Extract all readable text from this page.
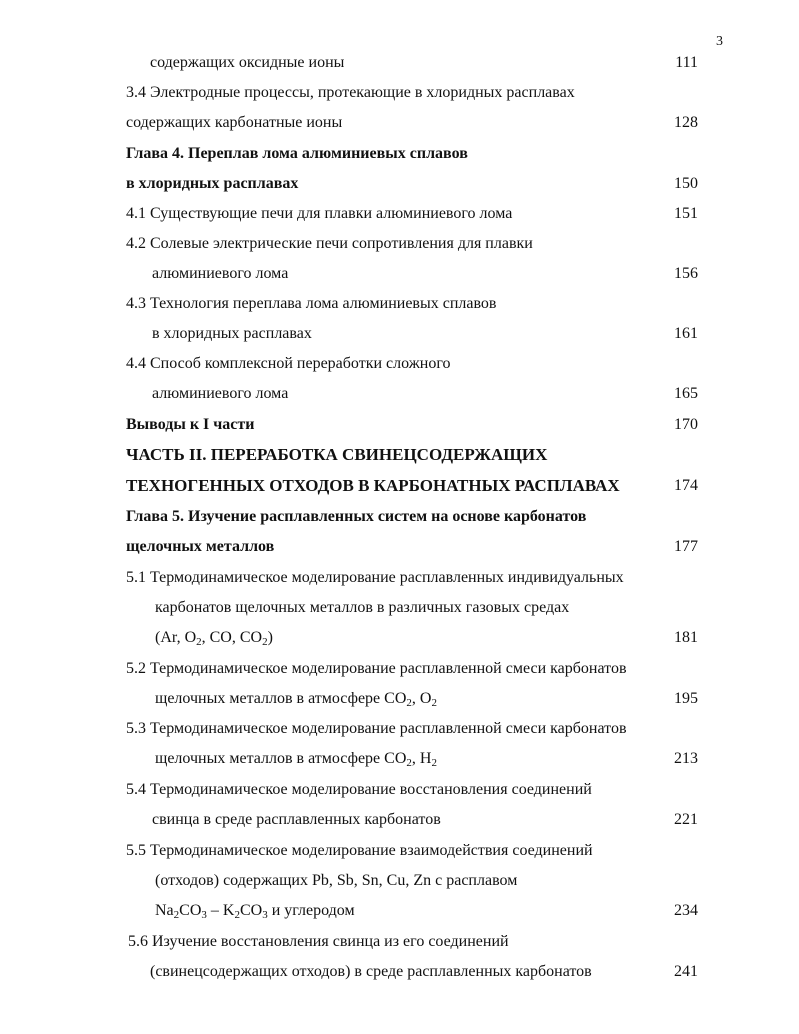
3
содержащих оксидные ионы	111
3.4 Электродные процессы, протекающие в хлоридных расплавах
содержащих карбонатные ионы	128
Глава 4. Переплав лома алюминиевых сплавов
в хлоридных расплавах	150
4.1 Существующие печи для плавки алюминиевого лома	151
4.2 Солевые электрические печи сопротивления для плавки
алюминиевого лома	156
4.3 Технология переплава лома алюминиевых сплавов
в хлоридных расплавах	161
4.4 Способ комплексной переработки сложного
алюминиевого лома	165
Выводы к I части	170
ЧАСТЬ II. ПЕРЕРАБОТКА СВИНЕЦСОДЕРЖАЩИХ
ТЕХНОГЕННЫХ ОТХОДОВ В КАРБОНАТНЫХ РАСПЛАВАХ	174
Глава 5. Изучение расплавленных систем на основе карбонатов
щелочных металлов	177
5.1 Термодинамическое моделирование расплавленных индивидуальных
карбонатов щелочных металлов в различных газовых средах
(Ar, $O_2$, CO, $CO_2$)	181
5.2 Термодинамическое моделирование расплавленной смеси карбонатов
щелочных металлов в атмосфере $CO_2$, $O_2$	195
5.3 Термодинамическое моделирование расплавленной смеси карбонатов
щелочных металлов в атмосфере $CO_2$, $H_2$	213
5.4 Термодинамическое моделирование восстановления соединений
свинца в среде расплавленных карбонатов	221
5.5 Термодинамическое моделирование взаимодействия соединений
(отходов) содержащих Pb, Sb, Sn, Cu, Zn с расплавом
$Na_2CO_3 - K_2CO_3$ и углеродом	234
5.6 Изучение восстановления свинца из его соединений
(свинецсодержащих отходов) в среде расплавленных карбонатов	241
